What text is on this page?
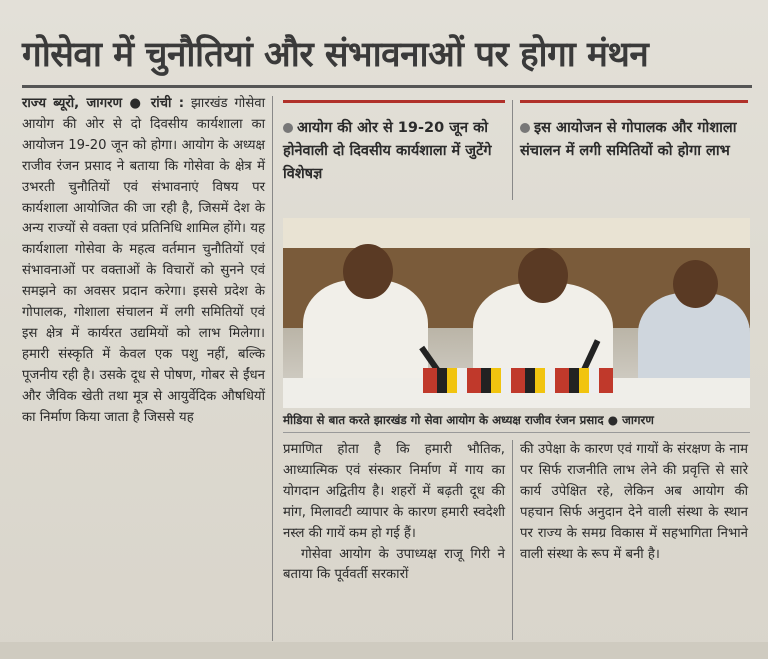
गोसेवा में चुनौतियां और संभावनाओं पर होगा मंथन

राज्य ब्यूरो, जागरण ● रांची : झारखंड गोसेवा आयोग की ओर से दो दिवसीय कार्यशाला का आयोजन 19-20 जून को होगा। आयोग के अध्यक्ष राजीव रंजन प्रसाद ने बताया कि गोसेवा के क्षेत्र में उभरती चुनौतियों एवं संभावनाएं विषय पर कार्यशाला आयोजित की जा रही है, जिसमें देश के अन्य राज्यों से वक्ता एवं प्रतिनिधि शामिल होंगे। यह कार्यशाला गोसेवा के महत्व वर्तमान चुनौतियों एवं संभावनाओं पर वक्ताओं के विचारों को सुनने एवं समझने का अवसर प्रदान करेगा। इससे प्रदेश के गोपालक, गोशाला संचालन में लगी समितियों एवं इस क्षेत्र में कार्यरत उद्यमियों को लाभ मिलेगा। हमारी संस्कृति में केवल एक पशु नहीं, बल्कि पूजनीय रही है। उसके दूध से पोषण, गोबर से ईंधन और जैविक खेती तथा मूत्र से आयुर्वेदिक औषधियों का निर्माण किया जाता है जिससे यह

आयोग की ओर से 19-20 जून को होनेवाली दो दिवसीय कार्यशाला में जुटेंगे विशेषज्ञ
इस आयोजन से गोपालक और गोशाला संचालन में लगी समितियों को होगा लाभ
मीडिया से बात करते झारखंड गो सेवा आयोग के अध्यक्ष राजीव रंजन प्रसाद ● जागरण

प्रमाणित होता है कि हमारी भौतिक, आध्यात्मिक एवं संस्कार निर्माण में गाय का योगदान अद्वितीय है। शहरों में बढ़ती दूध की मांग, मिलावटी व्यापार के कारण हमारी स्वदेशी नस्ल की गायें कम हो गई हैं।

गोसेवा आयोग के उपाध्यक्ष राजू गिरी ने बताया कि पूर्ववर्ती सरकारों

की उपेक्षा के कारण एवं गायों के संरक्षण के नाम पर सिर्फ राजनीति लाभ लेने की प्रवृत्ति से सारे कार्य उपेक्षित रहे, लेकिन अब आयोग की पहचान सिर्फ अनुदान देने वाली संस्था के स्थान पर राज्य के समग्र विकास में सहभागिता निभाने वाली संस्था के रूप में बनी है।
